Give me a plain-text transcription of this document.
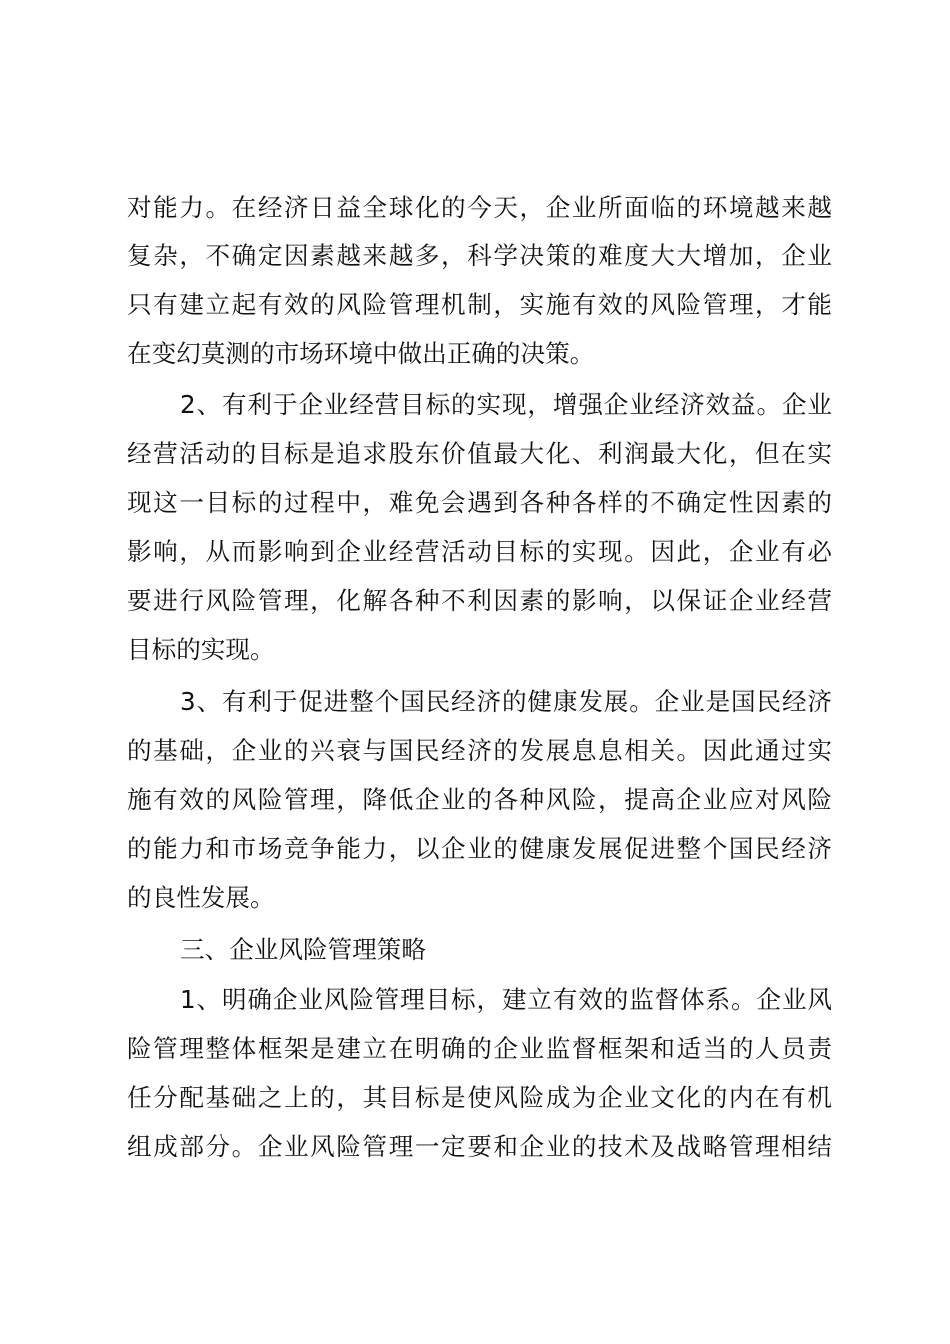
对能力。在经济日益全球化的今天，企业所面临的环境越来越

复杂，不确定因素越来越多，科学决策的难度大大增加，企业

只有建立起有效的风险管理机制，实施有效的风险管理，才能

在变幻莫测的市场环境中做出正确的决策。

2、有利于企业经营目标的实现，增强企业经济效益。企业

经营活动的目标是追求股东价值最大化、利润最大化，但在实

现这一目标的过程中，难免会遇到各种各样的不确定性因素的

影响，从而影响到企业经营活动目标的实现。因此，企业有必

要进行风险管理，化解各种不利因素的影响，以保证企业经营

目标的实现。

3、有利于促进整个国民经济的健康发展。企业是国民经济

的基础，企业的兴衰与国民经济的发展息息相关。因此通过实

施有效的风险管理，降低企业的各种风险，提高企业应对风险

的能力和市场竞争能力，以企业的健康发展促进整个国民经济

的良性发展。

三、企业风险管理策略

1、明确企业风险管理目标，建立有效的监督体系。企业风

险管理整体框架是建立在明确的企业监督框架和适当的人员责

任分配基础之上的，其目标是使风险成为企业文化的内在有机

组成部分。企业风险管理一定要和企业的技术及战略管理相结
